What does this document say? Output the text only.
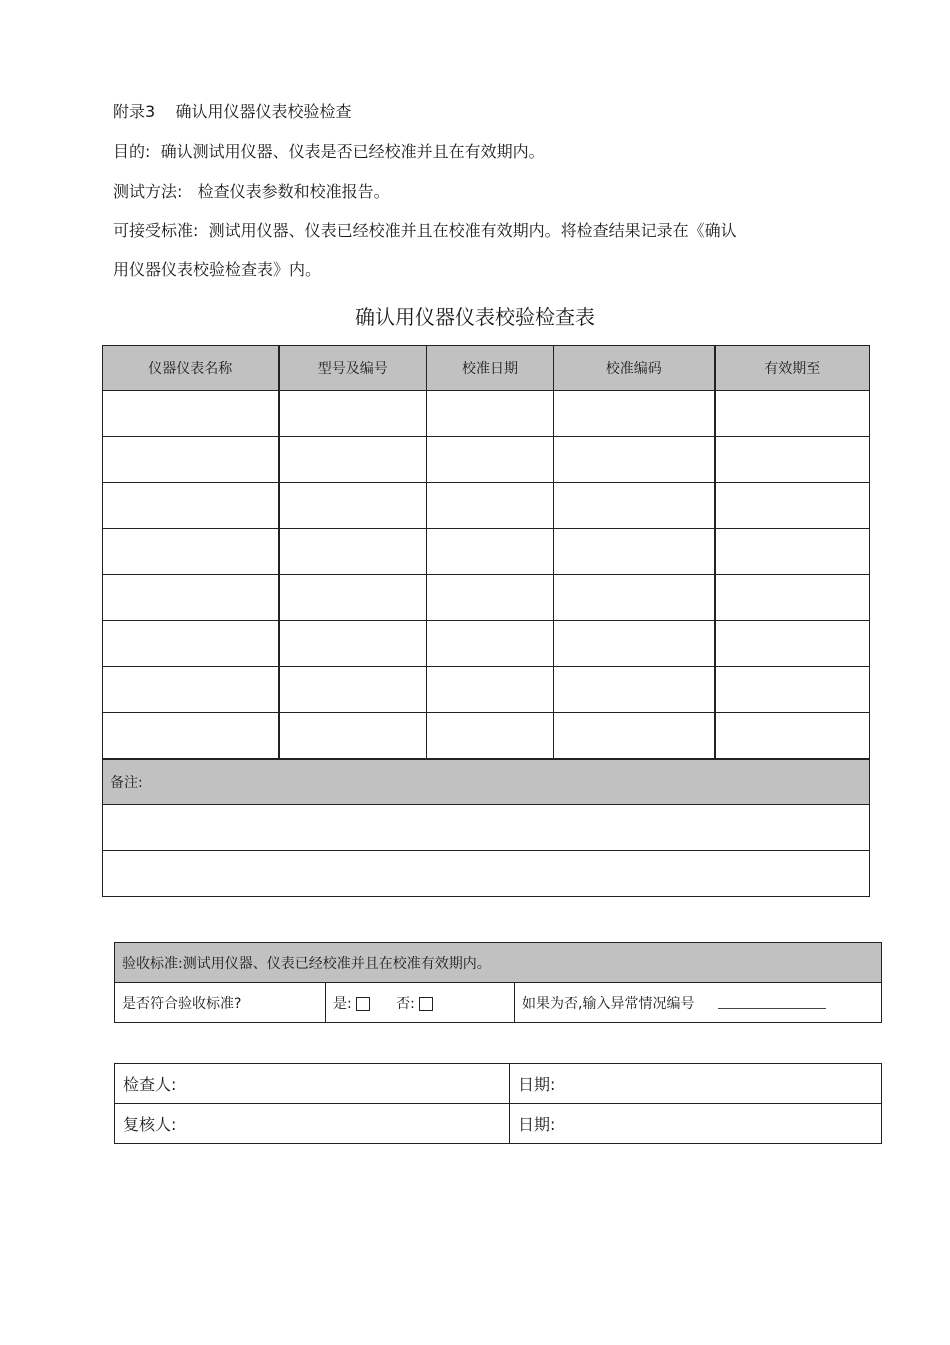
附录3 确认用仪器仪表校验检查
目的: 确认测试用仪器、仪表是否已经校准并且在有效期内。
测试方法: 检查仪表参数和校准报告。
可接受标准: 测试用仪器、仪表已经校准并且在校准有效期内。将检查结果记录在《确认
用仪器仪表校验检查表》内。
确认用仪器仪表校验检查表
仪器仪表名称	型号及编号	校准日期	校准编码	有效期至

备注:				

验收标准:测试用仪器、仪表已经校准并且在校准有效期内。
是否符合验收标准?	是:	否:	如果为否,输入异常情况编号
检查人:	日期:
复核人:	日期:
